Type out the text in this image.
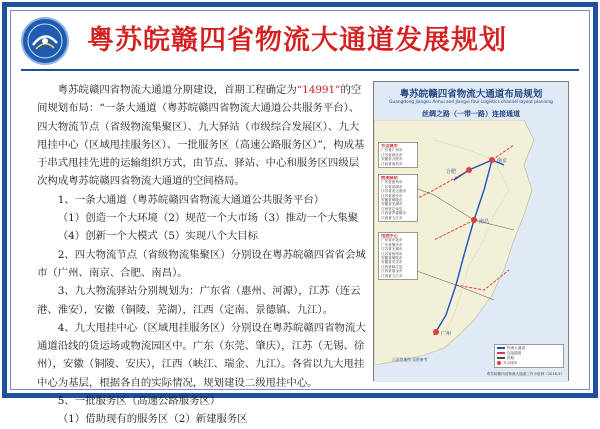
粤苏皖赣四省物流大通道发展规划

粤苏皖赣四省物流大通道分期建设，首期工程确定为“14991”的空间规划布局：“一条大通道（粤苏皖赣四省物流大通道公共服务平台）、四大物流节点（省级物流集聚区）、九大驿站（市级综合发展区）、九大甩挂中心（区域甩挂服务区）、一批服务区（高速公路服务区）”，构成基于串式甩挂先进的运输组织方式，由节点、驿站、中心和服务区四级层次构成粤苏皖赣四省物流大通道的空间格局。

1、一条大通道（粤苏皖赣四省物流大通道公共服务平台）

（1）创造一个大环境（2）规范一个大市场（3）推动一个大集聚（4）创新一个大模式（5）实现八个大目标

2、四大物流节点（省级物流集聚区）分别设在粤苏皖赣四省省会城市（广州、南京、合肥、南昌）。

3、九大物流驿站分别规划为：广东省（惠州、河源），江苏（连云港、淮安），安徽（铜陵、芜湖），江西（定南、景德镇、九江）。

4、九大甩挂中心（区域甩挂服务区）分别设在粤苏皖赣四省物流大通道沿线的货运场或物流园区中。广东（东莞、肇庆），江苏（无锡、徐州），安徽（铜陵、安庆），江西（峡江、瑞金、九江）。各省以九大甩挂中心为基层，根据各自的实际情况，规划建设二级甩挂中心。

5、一批服务区（高速公路服务区）

（1）借助现有的服务区（2）新建服务区

粤苏皖赣四省物流大通道布局规划
Guangdong Jiangsu Anhui and Jiangxi four Logistics channel layout planning
丝绸之路（一带一路）连接通道
南京
合肥
南昌
广州
节点城市
广东省广州市
江苏省南京市
安徽省合肥市
江西省南昌市
物流驿站
广东省惠州市
广东省河源市
江苏省连云港市
江苏省淮安市
安徽省铜陵市
安徽省芜湖市
江西省定南县
江西省景德镇市
江西省九江市
甩挂中心
广东省东莞市
广东省肇庆市
江苏省无锡市
江苏省徐州市
安徽省铜陵市
安徽省安庆市
江西省峡江县
江西省瑞金市
江西省九江市
物流大通道
连接通道
铁路
节点城市
示意性地图 仅供参考
粤苏皖赣四省物流大通道工作小组制（2016.5）
